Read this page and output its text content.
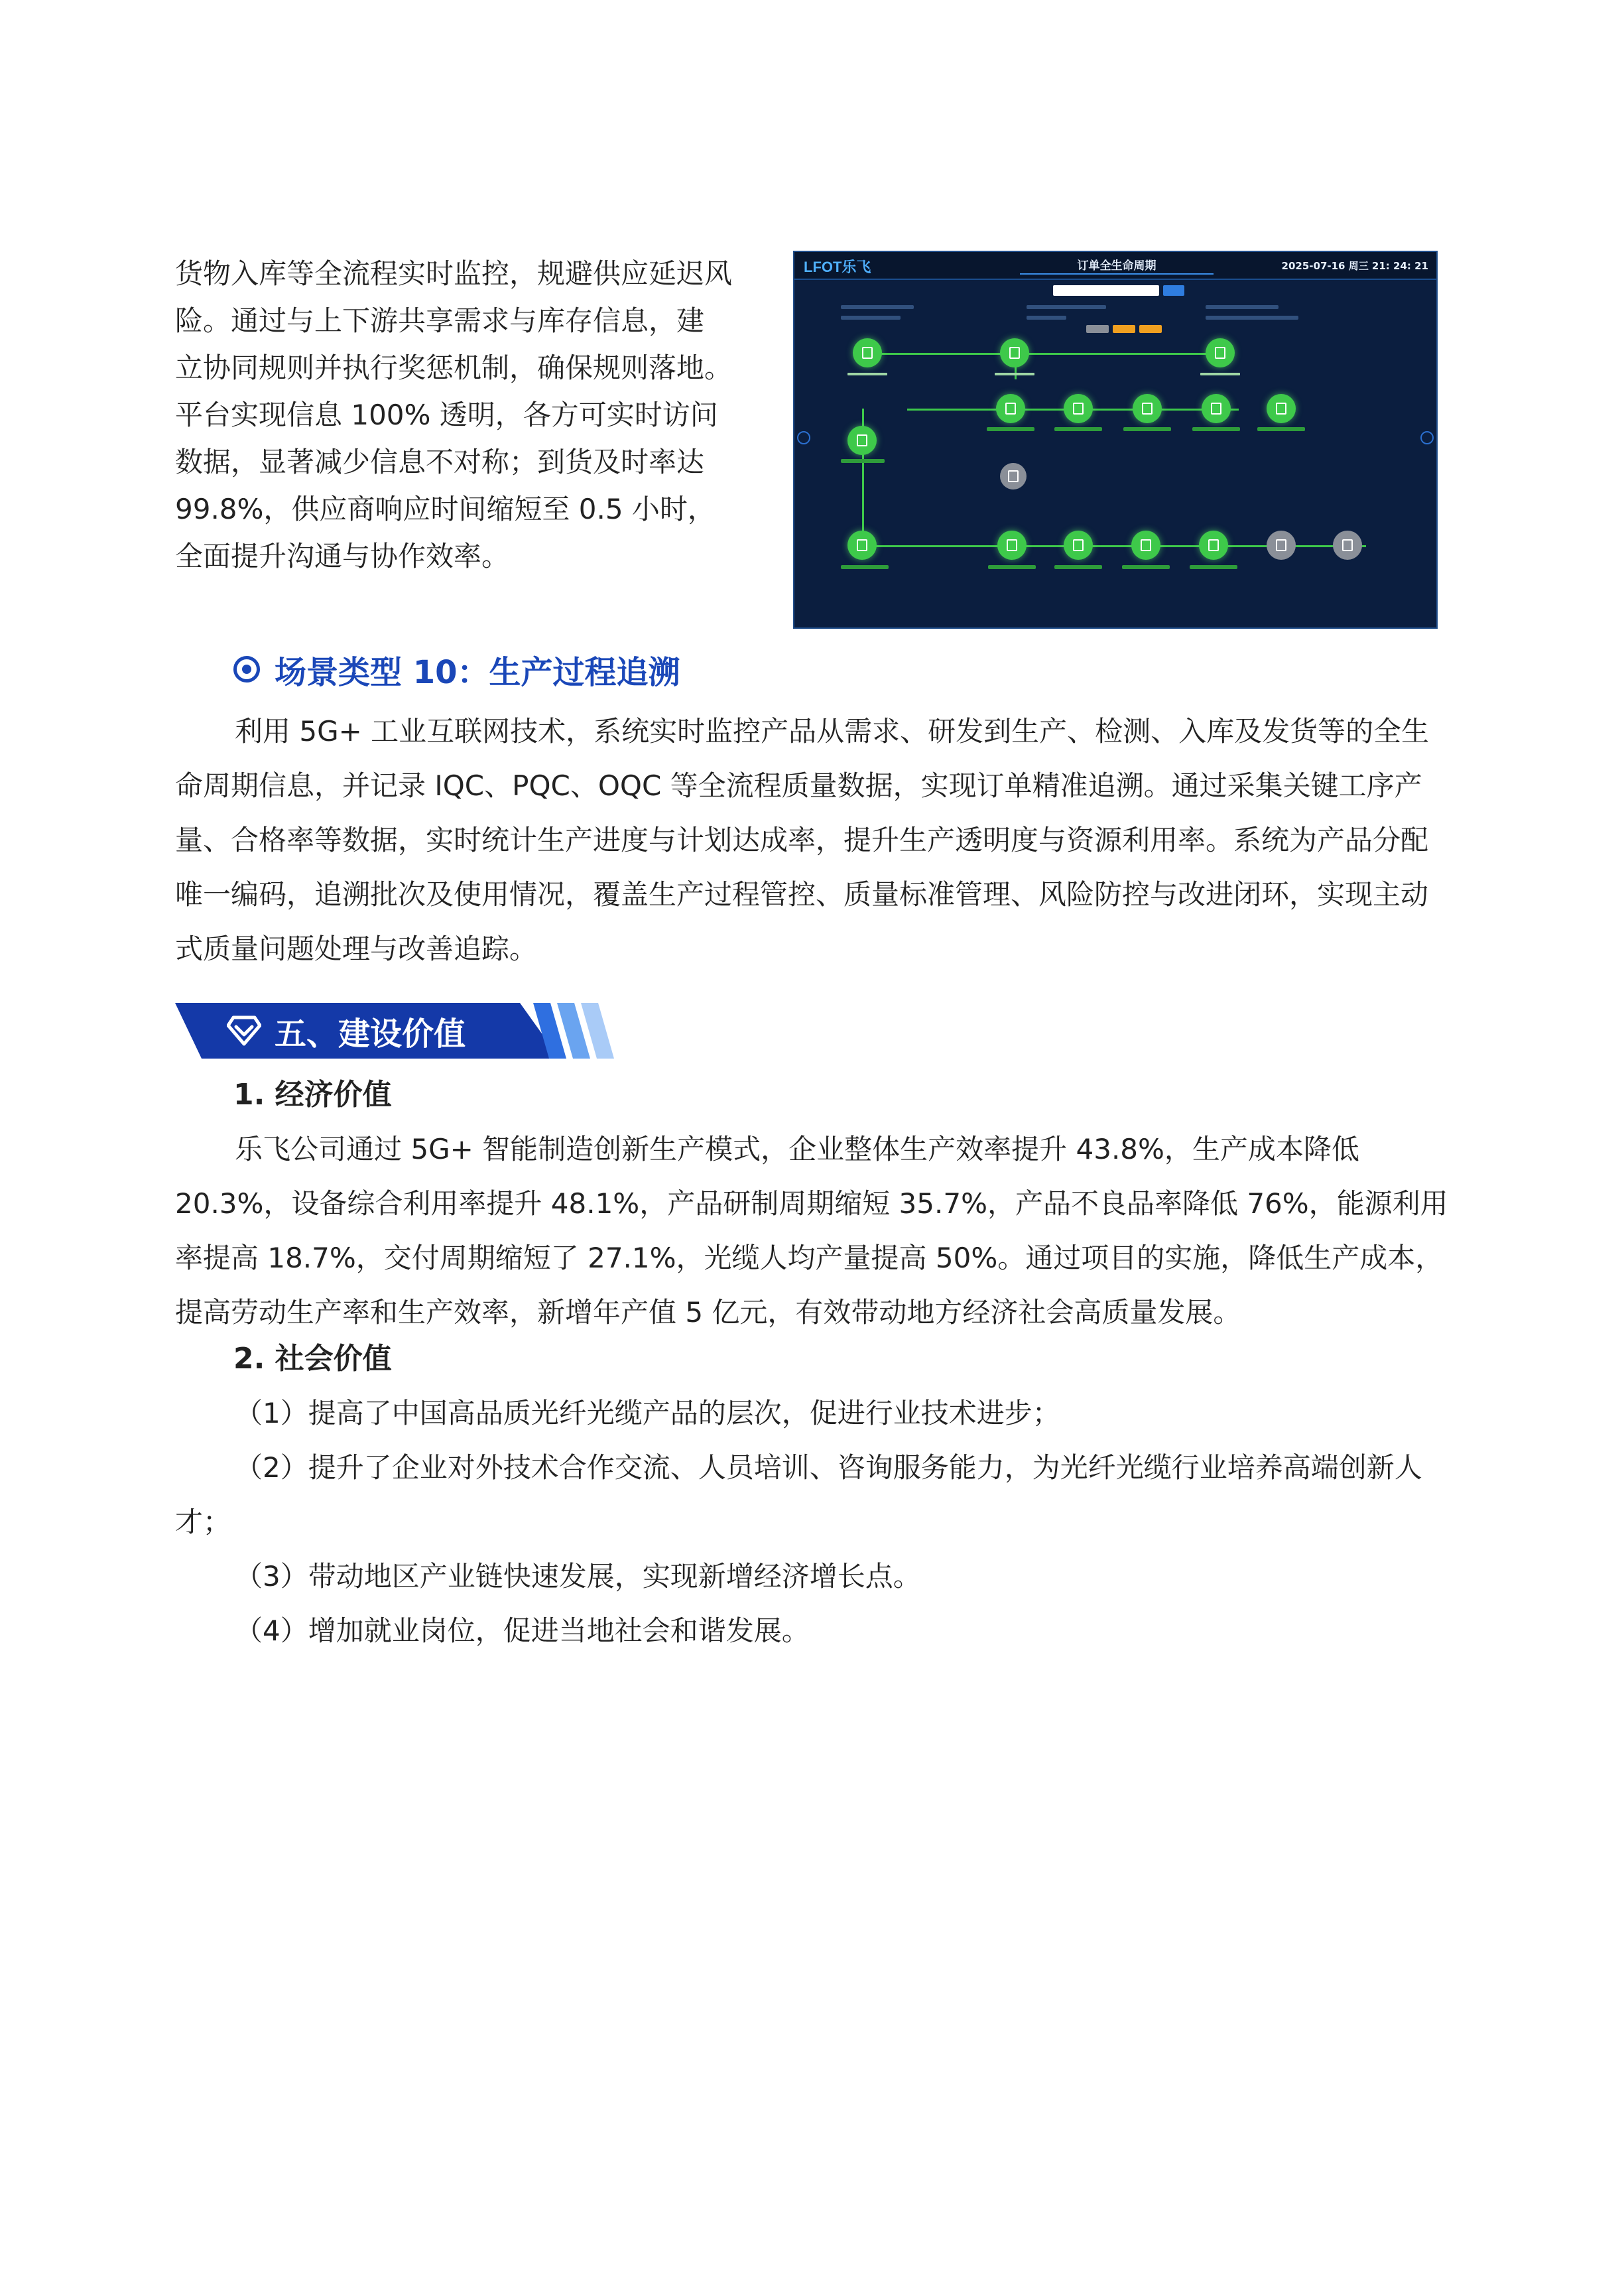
货物入库等全流程实时监控，规避供应延迟风
险。通过与上下游共享需求与库存信息，建
立协同规则并执行奖惩机制，确保规则落地。
平台实现信息 100% 透明，各方可实时访问
数据，显著减少信息不对称；到货及时率达
99.8%，供应商响应时间缩短至 0.5 小时，
全面提升沟通与协作效率。
LFOT乐飞	订单全生命周期	2025-07-16 周三 21: 24: 21
场景类型 10：生产过程追溯
利用 5G+ 工业互联网技术，系统实时监控产品从需求、研发到生产、检测、入库及发货等的全生命周期信息，并记录 IQC、PQC、OQC 等全流程质量数据，实现订单精准追溯。通过采集关键工序产量、合格率等数据，实时统计生产进度与计划达成率，提升生产透明度与资源利用率。系统为产品分配唯一编码，追溯批次及使用情况，覆盖生产过程管控、质量标准管理、风险防控与改进闭环，实现主动式质量问题处理与改善追踪。
五、建设价值
1. 经济价值
乐飞公司通过 5G+ 智能制造创新生产模式，企业整体生产效率提升 43.8%，生产成本降低 20.3%，设备综合利用率提升 48.1%，产品研制周期缩短 35.7%，产品不良品率降低 76%，能源利用率提高 18.7%，交付周期缩短了 27.1%，光缆人均产量提高 50%。通过项目的实施，降低生产成本，提高劳动生产率和生产效率，新增年产值 5 亿元，有效带动地方经济社会高质量发展。
2. 社会价值
（1）提高了中国高品质光纤光缆产品的层次，促进行业技术进步；
（2）提升了企业对外技术合作交流、人员培训、咨询服务能力，为光纤光缆行业培养高端创新人才；
（3）带动地区产业链快速发展，实现新增经济增长点。
（4）增加就业岗位，促进当地社会和谐发展。
